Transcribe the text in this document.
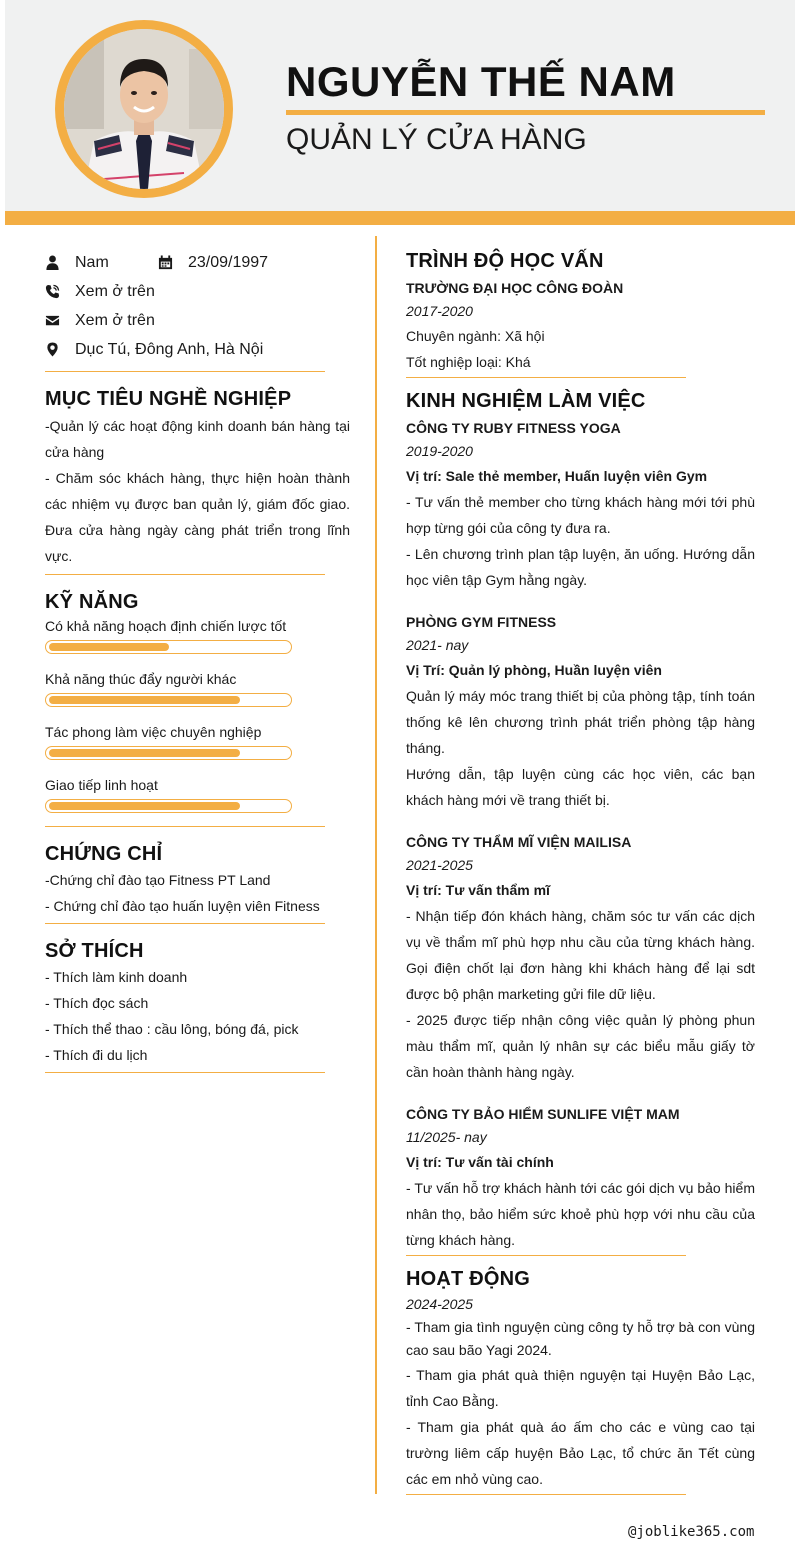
NGUYỄN THẾ NAM
QUẢN LÝ CỬA HÀNG
Nam	23/09/1997
Xem ở trên
Xem ở trên
Dục Tú, Đông Anh, Hà Nội
MỤC TIÊU NGHỀ NGHIỆP
-Quản lý các hoạt động kinh doanh bán hàng tại cửa hàng
- Chăm sóc khách hàng, thực hiện hoàn thành các nhiệm vụ được ban quản lý, giám đốc giao. Đưa cửa hàng ngày càng phát triển trong lĩnh vực.
KỸ NĂNG
Có khả năng hoạch định chiến lược tốt
Khả năng thúc đẩy người khác
Tác phong làm việc chuyên nghiệp
Giao tiếp linh hoạt
CHỨNG CHỈ
-Chứng chỉ đào tạo Fitness PT Land
- Chứng chỉ đào tạo huấn luyện viên Fitness
SỞ THÍCH
- Thích làm kinh doanh
- Thích đọc sách
- Thích thể thao : cầu lông, bóng đá, pick
- Thích đi du lịch
TRÌNH ĐỘ HỌC VẤN
TRƯỜNG ĐẠI HỌC CÔNG ĐOÀN
2017-2020
Chuyên ngành: Xã hội
Tốt nghiệp loại: Khá
KINH NGHIỆM LÀM VIỆC
CÔNG TY RUBY FITNESS YOGA
2019-2020
Vị trí: Sale thẻ member, Huấn luyện viên Gym
- Tư vấn thẻ member cho từng khách hàng mới tới phù hợp từng gói của công ty đưa ra.
- Lên chương trình plan tập luyện, ăn uống. Hướng dẫn học viên tập Gym hằng ngày.
PHÒNG GYM FITNESS
2021- nay
Vị Trí: Quản lý phòng, Huần luyện viên
Quản lý máy móc trang thiết bị của phòng tập, tính toán thống kê lên chương trình phát triển phòng tập hàng tháng.
Hướng dẫn, tập luyện cùng các học viên, các bạn khách hàng mới về trang thiết bị.
CÔNG TY THẨM MĨ VIỆN MAILISA
2021-2025
Vị trí: Tư vấn thẩm mĩ
- Nhận tiếp đón khách hàng, chăm sóc tư vấn các dịch vụ về thẩm mĩ phù hợp nhu cầu của từng khách hàng. Gọi điện chốt lại đơn hàng khi khách hàng để lại sdt được bộ phận marketing gửi file dữ liệu.
- 2025 được tiếp nhận công việc quản lý phòng phun màu thẩm mĩ, quản lý nhân sự các biểu mẫu giấy tờ cần hoàn thành hàng ngày.
CÔNG TY BẢO HIỂM SUNLIFE VIỆT MAM
11/2025- nay
Vị trí: Tư vấn tài chính
- Tư vấn hỗ trợ khách hành tới các gói dịch vụ bảo hiểm nhân thọ, bảo hiểm sức khoẻ phù hợp với nhu cầu của từng khách hàng.
HOẠT ĐỘNG
2024-2025
- Tham gia tình nguyện cùng công ty hỗ trợ bà con vùng cao sau bão Yagi 2024.
- Tham gia phát quà thiện nguyện tại Huyện Bảo Lạc, tỉnh Cao Bằng.
- Tham gia phát quà áo ấm cho các e vùng cao tại trường liêm cấp huyện Bảo Lạc, tổ chức ăn Tết cùng các em nhỏ vùng cao.
@joblike365.com
